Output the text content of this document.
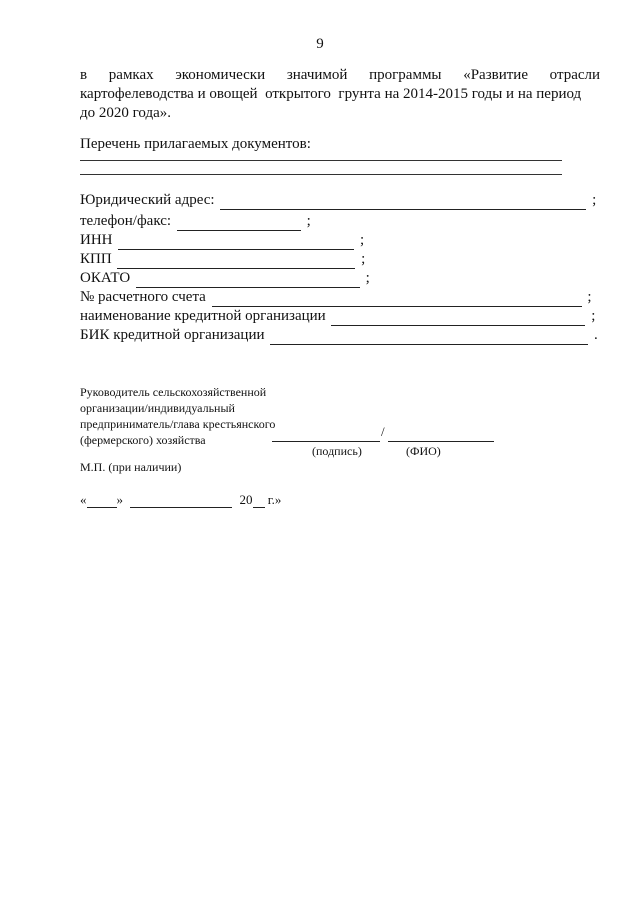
9
в рамках экономически значимой программы «Развитие отрасли
картофелеводства и овощей  открытого  грунта на 2014-2015 годы и на период
до 2020 года».
Перечень прилагаемых документов:
Юридический адрес:	;
телефон/факс:	;
ИНН	;
КПП	;
ОКАТО	;
№ расчетного счета	;
наименование кредитной организации	;
БИК кредитной организации	.
Руководитель сельскохозяйственной
организации/индивидуальный
предприниматель/глава крестьянского
(фермерского) хозяйства
/
(подпись)	(ФИО)
М.П. (при наличии)
« »	20 г.»
